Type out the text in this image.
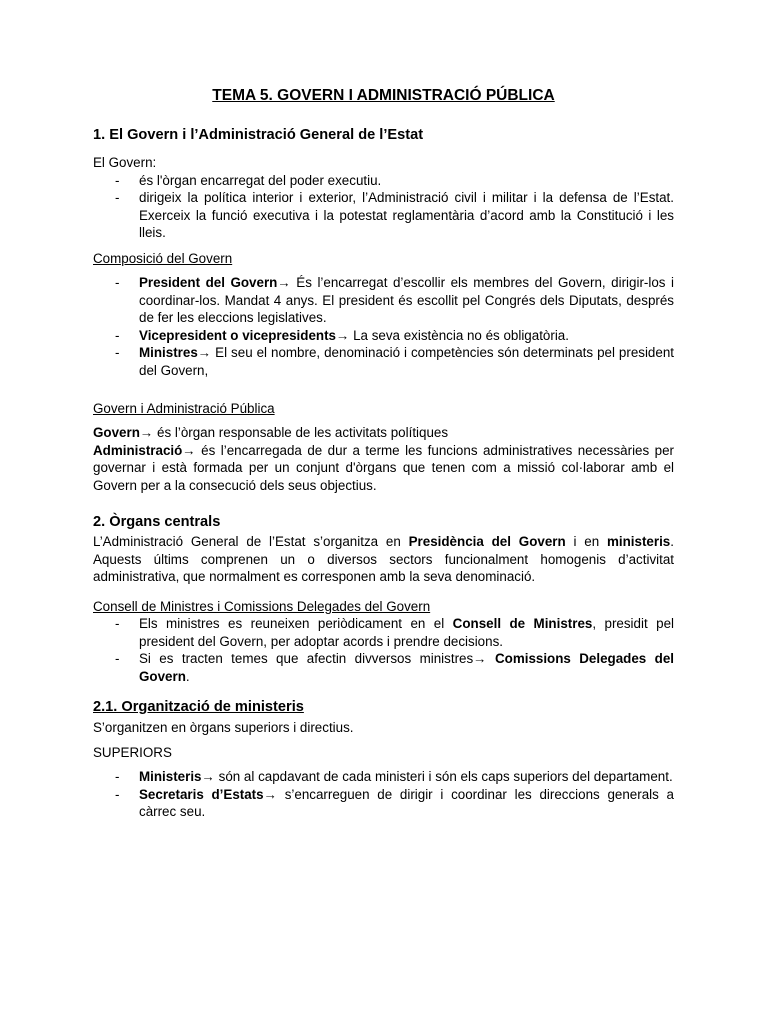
TEMA 5. GOVERN I ADMINISTRACIÓ PÚBLICA
1. El Govern i l’Administració General de l’Estat

El Govern:

- és l'òrgan encarregat del poder executiu.
- dirigeix la política interior i exterior, l’Administració civil i militar i la defensa de l’Estat. Exerceix la funció executiva i la potestat reglamentària d’acord amb la Constitució i les lleis.

Composició del Govern

- President del Govern→ És l’encarregat d’escollir els membres del Govern, dirigir-los i coordinar-los. Mandat 4 anys. El president és escollit pel Congrés dels Diputats, després de fer les eleccions legislatives.
- Vicepresident o vicepresidents→ La seva existència no és obligatòria.
- Ministres→ El seu el nombre, denominació i competències són determinats pel president del Govern,

Govern i Administració Pública

Govern→ és l’òrgan responsable de les activitats polítiques

Administració→ és l’encarregada de dur a terme les funcions administratives necessàries per governar i està formada per un conjunt d'òrgans que tenen com a missió col·laborar amb el Govern per a la consecució dels seus objectius.

2. Òrgans centrals

L’Administració General de l’Estat s’organitza en Presidència del Govern i en ministeris. Aquests últims comprenen un o diversos sectors funcionalment homogenis d’activitat administrativa, que normalment es corresponen amb la seva denominació.

Consell de Ministres i Comissions Delegades del Govern

- Els ministres es reuneixen periòdicament en el Consell de Ministres, presidit pel president del Govern, per adoptar acords i prendre decisions.
- Si es tracten temes que afectin divversos ministres→ Comissions Delegades del Govern.
2.1. Organització de ministeris

S’organitzen en òrgans superiors i directius.

SUPERIORS

- Ministeris→ són al capdavant de cada ministeri i són els caps superiors del departament.
- Secretaris d’Estats→ s’encarreguen de dirigir i coordinar les direccions generals a càrrec seu.
